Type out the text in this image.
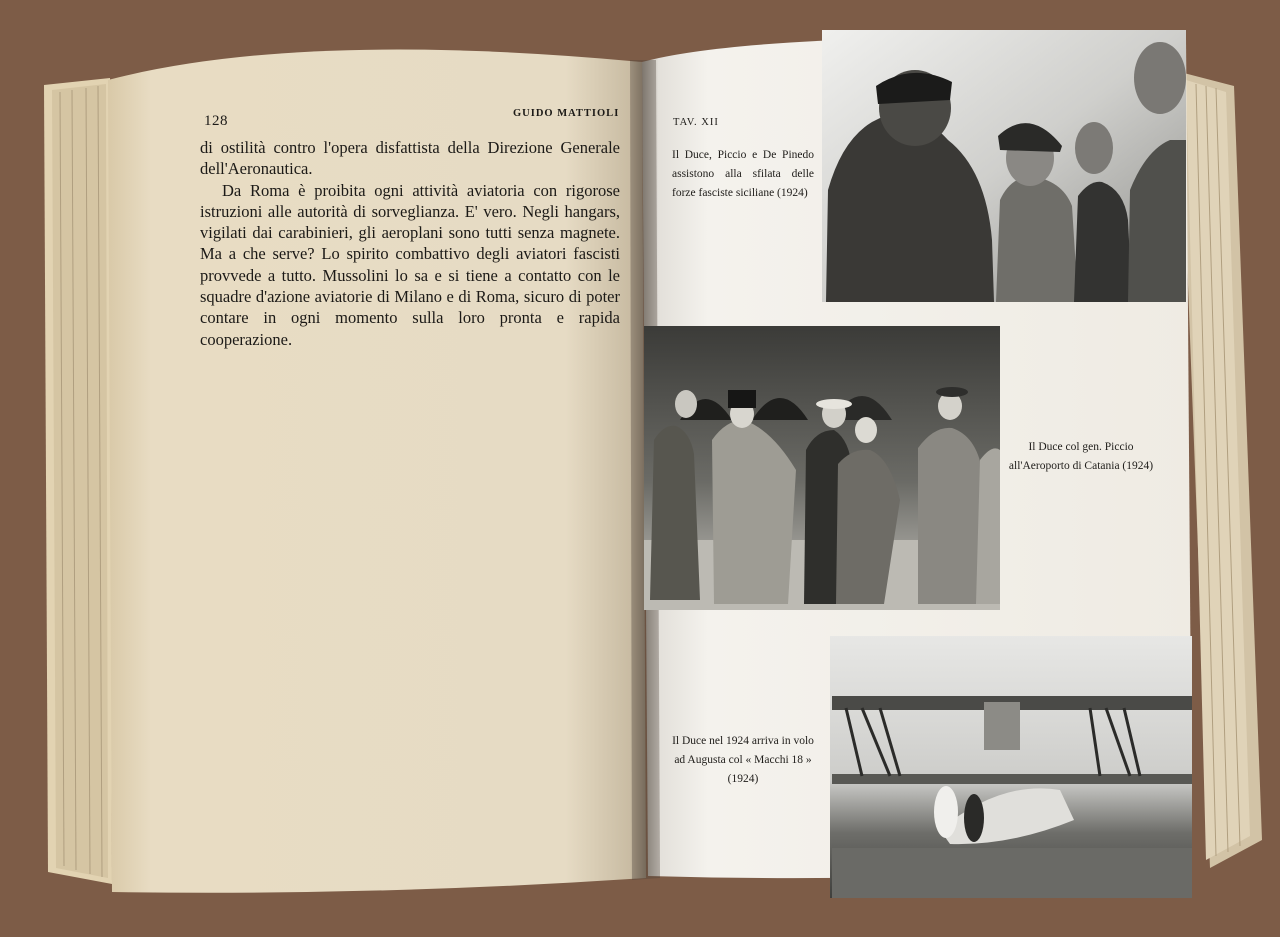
128	GUIDO MATTIOLI

di ostilità contro l'opera disfattista della Direzione Generale dell'Aeronautica.

Da Roma è proibita ogni attività aviatoria con rigorose istruzioni alle autorità di sorveglianza. E' vero. Negli hangars, vigilati dai carabinieri, gli aeroplani sono tutti senza magnete. Ma a che serve? Lo spirito combattivo degli aviatori fascisti provvede a tutto. Mussolini lo sa e si tiene a contatto con le squadre d'azione aviatorie di Milano e di Roma, sicuro di poter contare in ogni momento sulla loro pronta e rapida cooperazione.

TAV. XII
Il Duce, Piccio e De Pinedo assistono alla sfilata delle forze fasciste siciliane (1924)
Il Duce col gen. Piccio all'Aeroporto di Catania (1924)
Il Duce nel 1924 arriva in volo ad Augusta col « Macchi 18 » (1924)
